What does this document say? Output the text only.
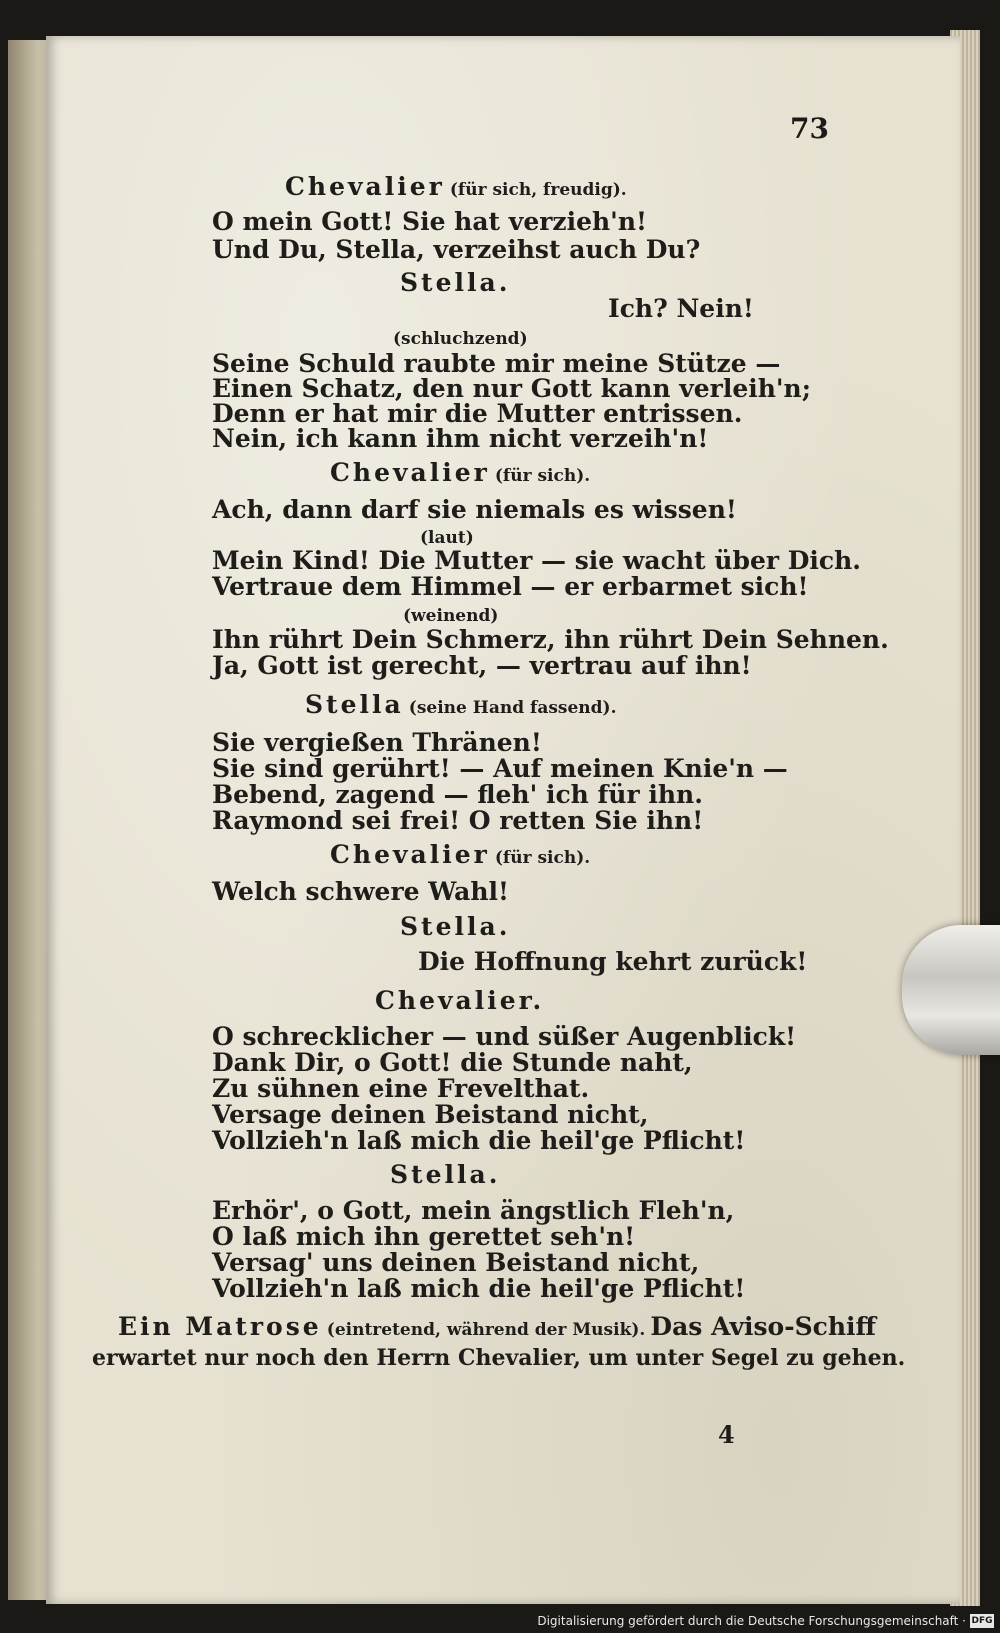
73
Chevalier (für sich, freudig).
O mein Gott! Sie hat verzieh'n!
Und Du, Stella, verzeihst auch Du?
Stella.
Ich? Nein!
(schluchzend)
Seine Schuld raubte mir meine Stütze —
Einen Schatz, den nur Gott kann verleih'n;
Denn er hat mir die Mutter entrissen.
Nein, ich kann ihm nicht verzeih'n!
Chevalier (für sich).
Ach, dann darf sie niemals es wissen!
(laut)
Mein Kind! Die Mutter — sie wacht über Dich.
Vertraue dem Himmel — er erbarmet sich!
(weinend)
Ihn rührt Dein Schmerz, ihn rührt Dein Sehnen.
Ja, Gott ist gerecht, — vertrau auf ihn!
Stella (seine Hand fassend).
Sie vergießen Thränen!
Sie sind gerührt! — Auf meinen Knie'n —
Bebend, zagend — fleh' ich für ihn.
Raymond sei frei! O retten Sie ihn!
Chevalier (für sich).
Welch schwere Wahl!
Stella.
Die Hoffnung kehrt zurück!
Chevalier.
O schrecklicher — und süßer Augenblick!
Dank Dir, o Gott! die Stunde naht,
Zu sühnen eine Frevelthat.
Versage deinen Beistand nicht,
Vollzieh'n laß mich die heil'ge Pflicht!
Stella.
Erhör', o Gott, mein ängstlich Fleh'n,
O laß mich ihn gerettet seh'n!
Versag' uns deinen Beistand nicht,
Vollzieh'n laß mich die heil'ge Pflicht!
Ein Matrose (eintretend, während der Musik). Das Aviso-Schiff
erwartet nur noch den Herrn Chevalier, um unter Segel zu gehen.
4
Digitalisierung gefördert durch die Deutsche Forschungsgemeinschaft · DFG
